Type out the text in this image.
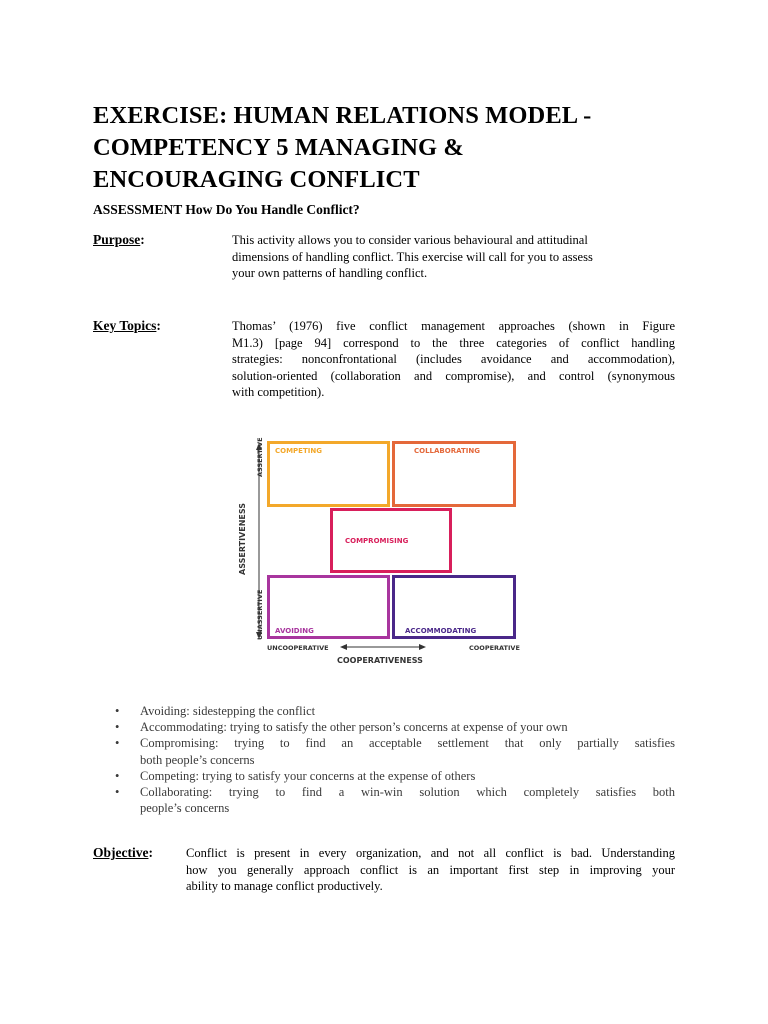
EXERCISE: HUMAN RELATIONS MODEL -
COMPETENCY 5 MANAGING &
ENCOURAGING CONFLICT
ASSESSMENT How Do You Handle Conflict?
Purpose:	This activity allows you to consider various behavioural and attitudinal
dimensions of handling conflict. This exercise will call for you to assess
your own patterns of handling conflict.
Key Topics:	Thomas’ (1976) five conflict management approaches (shown in Figure
M1.3) [page 94] correspond to the three categories of conflict handling
strategies: nonconfrontational (includes avoidance and accommodation),
solution-oriented (collaboration and compromise), and control (synonymous
with competition).
ASSERTIVE
UNASSERTIVE
ASSERTIVENESS
UNCOOPERATIVE	COOPERATIVE
COOPERATIVENESS
COMPETING	COLLABORATING
COMPROMISING
AVOIDING	ACCOMMODATING
• Avoiding: sidestepping the conflict
• Accommodating: trying to satisfy the other person’s concerns at expense of your own
• Compromising: trying to find an acceptable settlement that only partially satisfies
both people’s concerns
• Competing: trying to satisfy your concerns at the expense of others
• Collaborating: trying to find a win-win solution which completely satisfies both
people’s concerns
Objective:	Conflict is present in every organization, and not all conflict is bad. Understanding
how you generally approach conflict is an important first step in improving your
ability to manage conflict productively.
